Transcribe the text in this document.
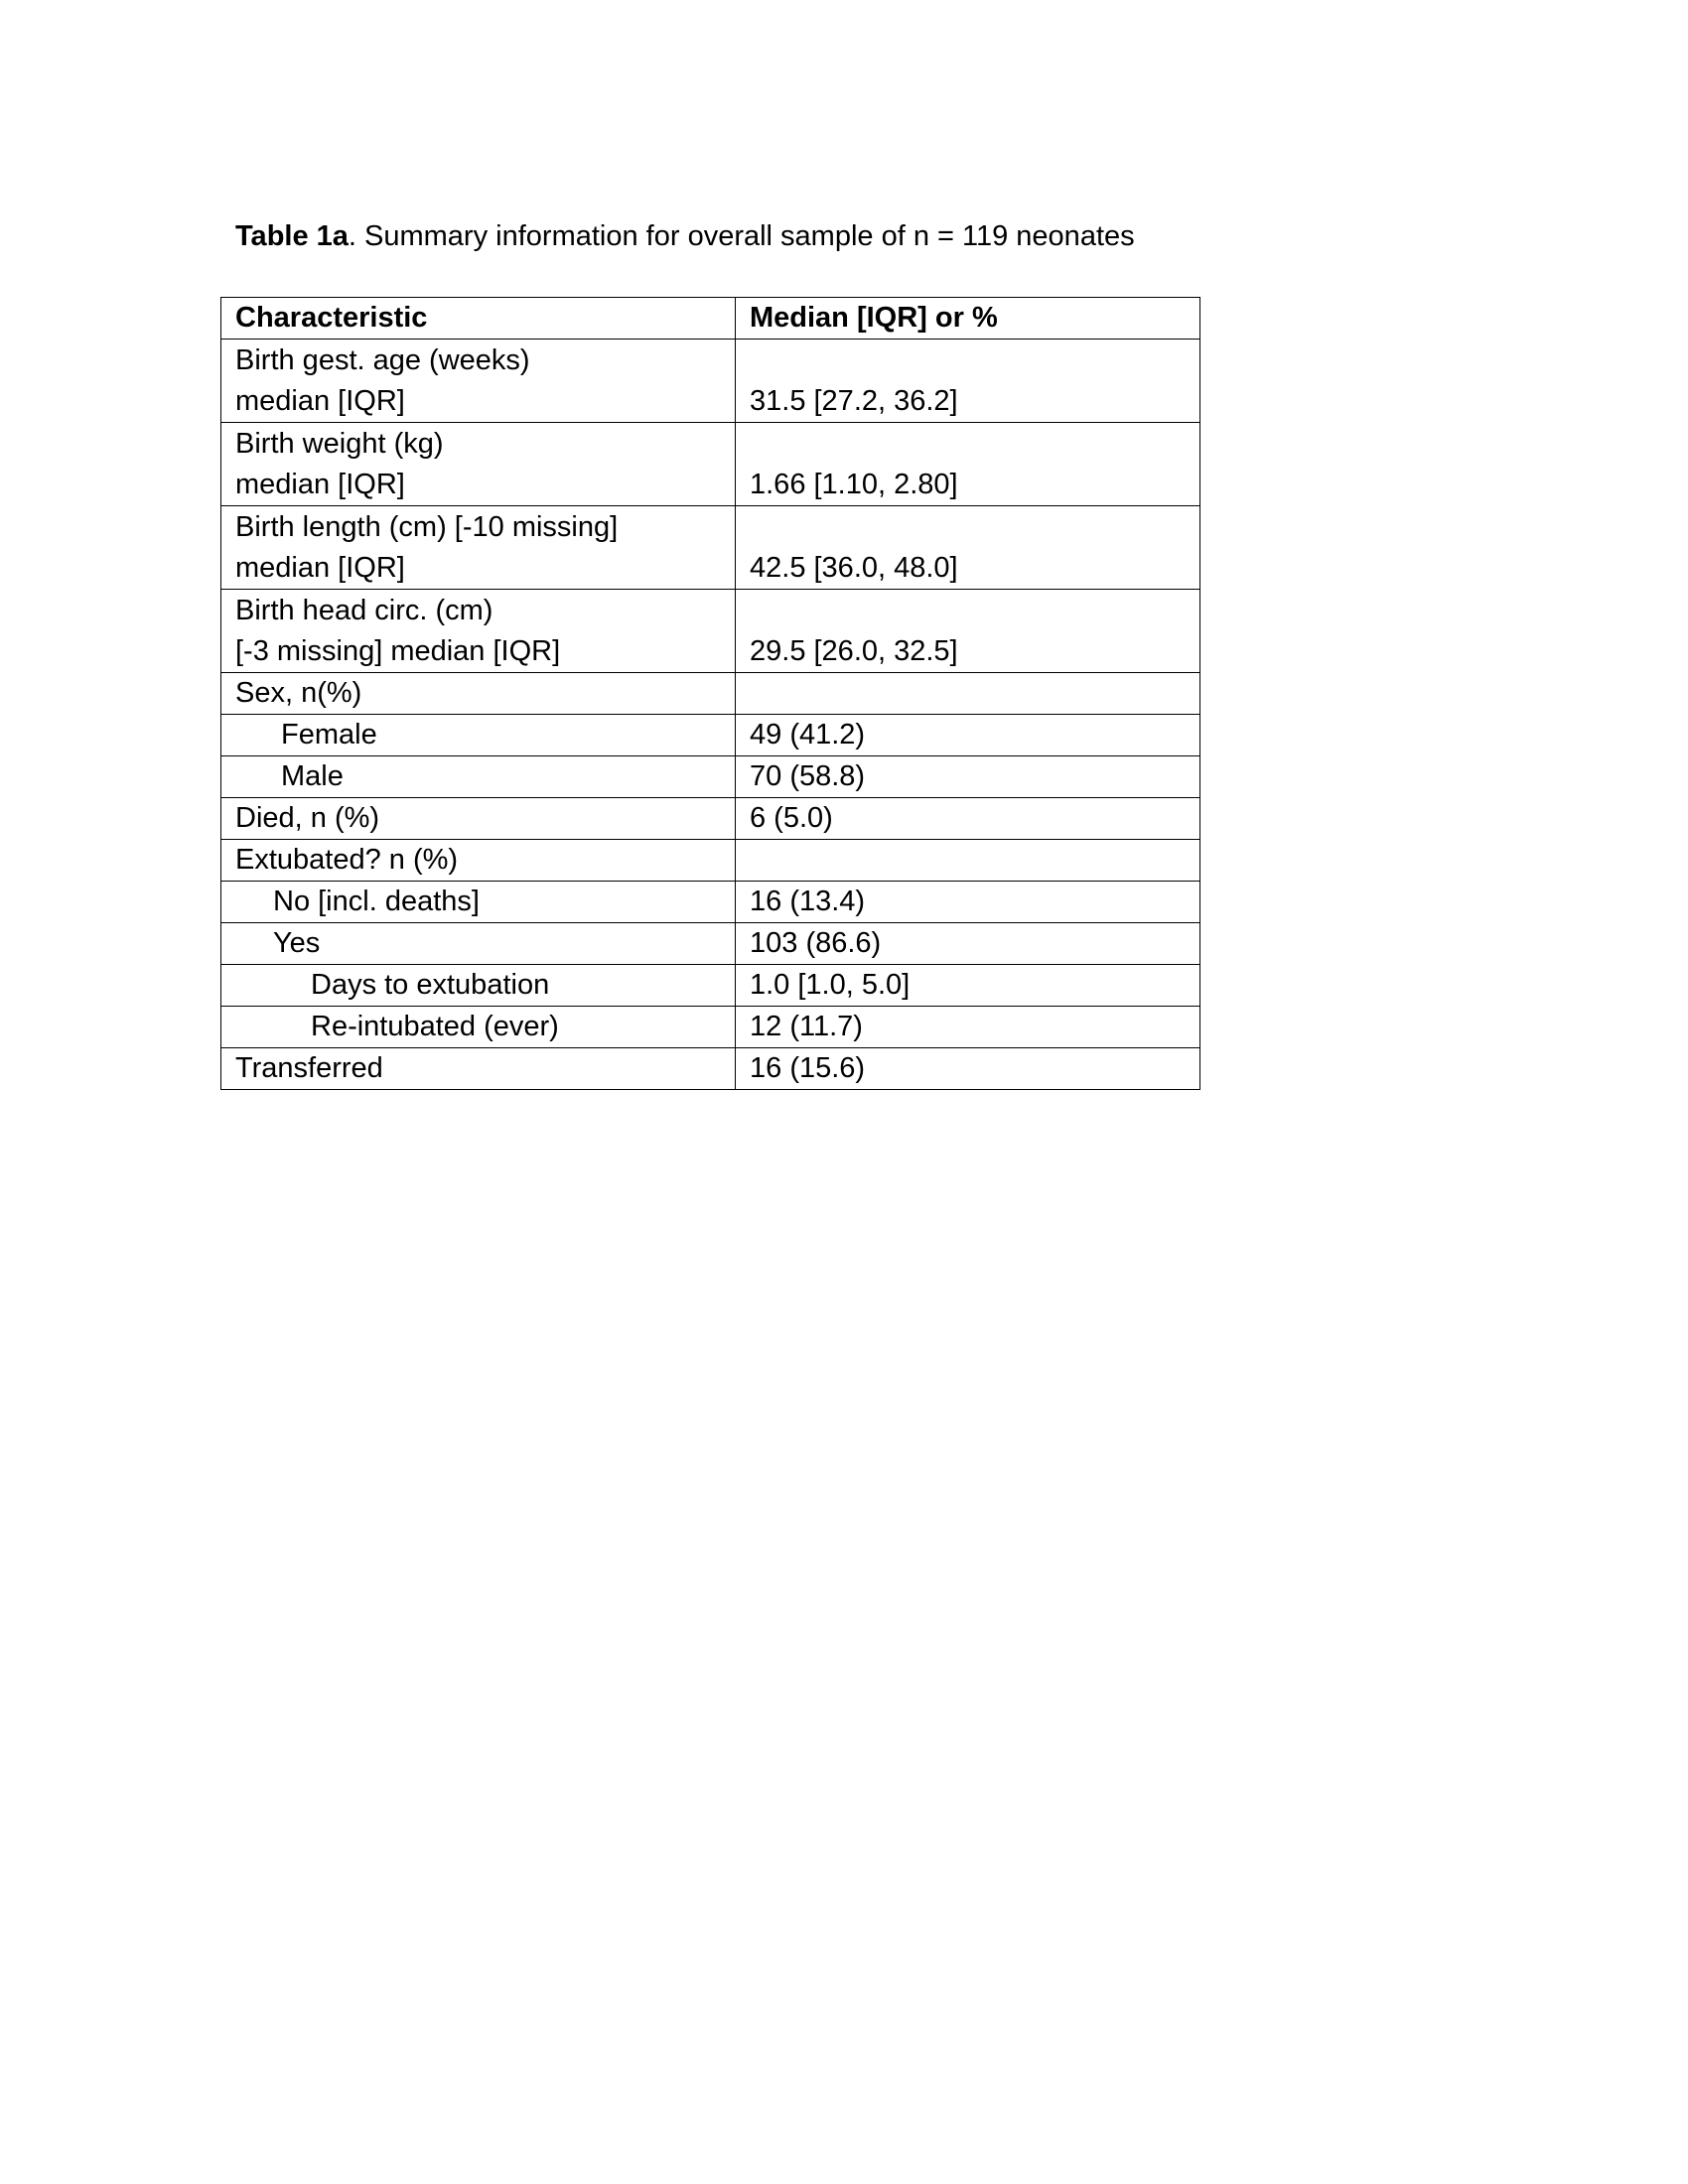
Table 1a. Summary information for overall sample of n = 119 neonates
Characteristic	Median [IQR] or %

Birth gest. age (weeks)
median [IQR]	31.5 [27.2, 36.2]

Birth weight (kg)
median [IQR]	1.66 [1.10, 2.80]

Birth length (cm) [-10 missing]
median [IQR]	42.5 [36.0, 48.0]

Birth head circ. (cm)
[-3 missing] median [IQR]	29.5 [26.0, 32.5]
Sex, n(%)	
Female	49 (41.2)
Male	70 (58.8)
Died, n (%)	6 (5.0)
Extubated? n (%)	
No [incl. deaths]	16 (13.4)
Yes	103 (86.6)
Days to extubation	1.0 [1.0, 5.0]
Re-intubated (ever)	12 (11.7)
Transferred	16 (15.6)
